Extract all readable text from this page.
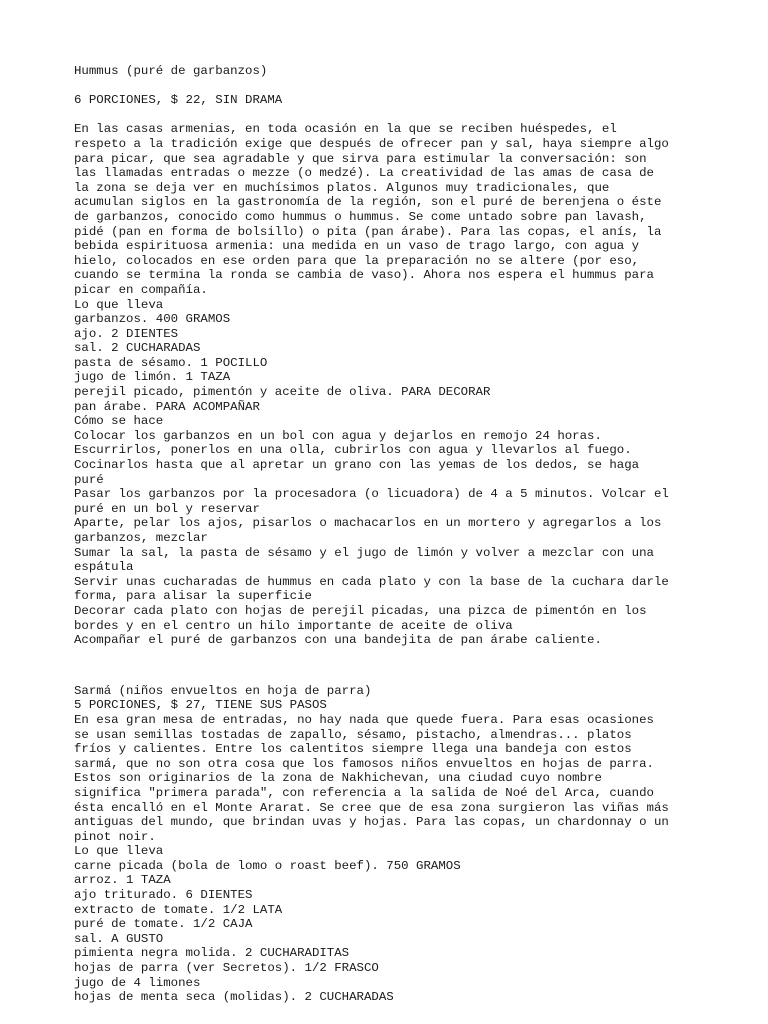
Hummus (puré de garbanzos)
6 PORCIONES, $ 22, SIN DRAMA
En las casas armenias, en toda ocasión en la que se reciben huéspedes, el
respeto a la tradición exige que después de ofrecer pan y sal, haya siempre algo
para picar, que sea agradable y que sirva para estimular la conversación: son
las llamadas entradas o mezze (o medzé). La creatividad de las amas de casa de
la zona se deja ver en muchísimos platos. Algunos muy tradicionales, que
acumulan siglos en la gastronomía de la región, son el puré de berenjena o éste
de garbanzos, conocido como hummus o hummus. Se come untado sobre pan lavash,
pidé (pan en forma de bolsillo) o pita (pan árabe). Para las copas, el anís, la
bebida espirituosa armenia: una medida en un vaso de trago largo, con agua y
hielo, colocados en ese orden para que la preparación no se altere (por eso,
cuando se termina la ronda se cambia de vaso). Ahora nos espera el hummus para
picar en compañía.
Lo que lleva
garbanzos. 400 GRAMOS
ajo. 2 DIENTES
sal. 2 CUCHARADAS
pasta de sésamo. 1 POCILLO
jugo de limón. 1 TAZA
perejil picado, pimentón y aceite de oliva. PARA DECORAR
pan árabe. PARA ACOMPAÑAR
Cómo se hace
Colocar los garbanzos en un bol con agua y dejarlos en remojo 24 horas.
Escurrirlos, ponerlos en una olla, cubrirlos con agua y llevarlos al fuego.
Cocinarlos hasta que al apretar un grano con las yemas de los dedos, se haga
puré
Pasar los garbanzos por la procesadora (o licuadora) de 4 a 5 minutos. Volcar el
puré en un bol y reservar
Aparte, pelar los ajos, pisarlos o machacarlos en un mortero y agregarlos a los
garbanzos, mezclar
Sumar la sal, la pasta de sésamo y el jugo de limón y volver a mezclar con una
espátula
Servir unas cucharadas de hummus en cada plato y con la base de la cuchara darle
forma, para alisar la superficie
Decorar cada plato con hojas de perejil picadas, una pizca de pimentón en los
bordes y en el centro un hilo importante de aceite de oliva
Acompañar el puré de garbanzos con una bandejita de pan árabe caliente.
Sarmá (niños envueltos en hoja de parra)
5 PORCIONES, $ 27, TIENE SUS PASOS
En esa gran mesa de entradas, no hay nada que quede fuera. Para esas ocasiones
se usan semillas tostadas de zapallo, sésamo, pistacho, almendras... platos
fríos y calientes. Entre los calentitos siempre llega una bandeja con estos
sarmá, que no son otra cosa que los famosos niños envueltos en hojas de parra.
Estos son originarios de la zona de Nakhichevan, una ciudad cuyo nombre
significa "primera parada", con referencia a la salida de Noé del Arca, cuando
ésta encalló en el Monte Ararat. Se cree que de esa zona surgieron las viñas más
antiguas del mundo, que brindan uvas y hojas. Para las copas, un chardonnay o un
pinot noir.
Lo que lleva
carne picada (bola de lomo o roast beef). 750 GRAMOS
arroz. 1 TAZA
ajo triturado. 6 DIENTES
extracto de tomate. 1/2 LATA
puré de tomate. 1/2 CAJA
sal. A GUSTO
pimienta negra molida. 2 CUCHARADITAS
hojas de parra (ver Secretos). 1/2 FRASCO
jugo de 4 limones
hojas de menta seca (molidas). 2 CUCHARADAS
